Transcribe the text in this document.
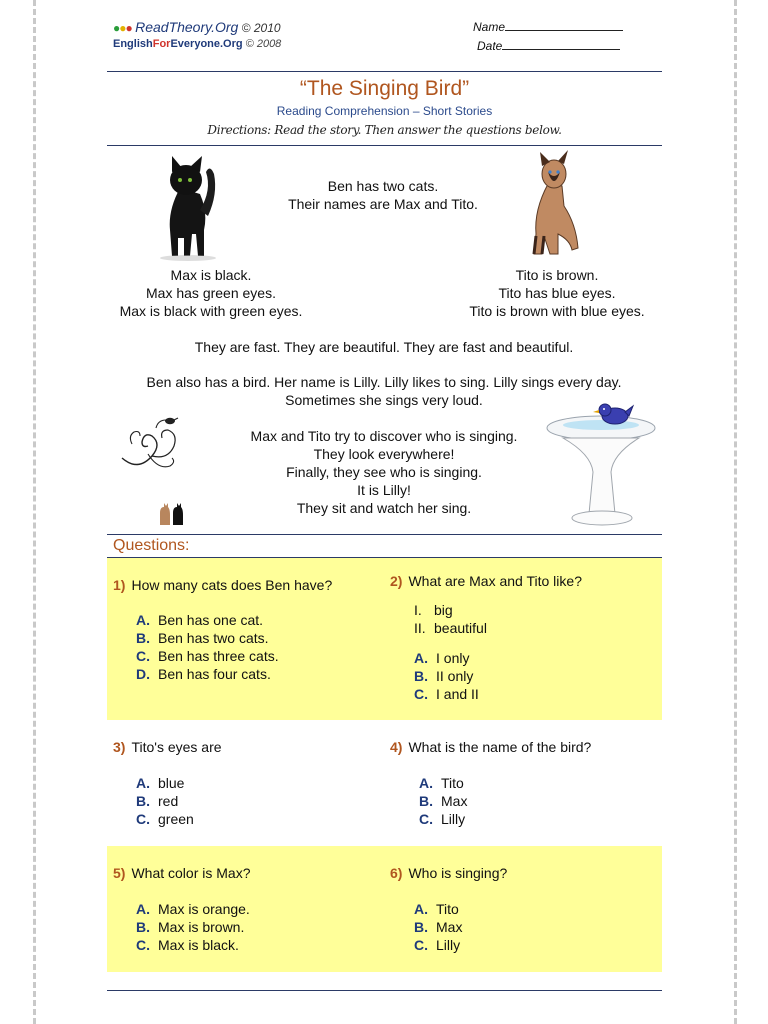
●●● ReadTheory.Org © 2010
EnglishForEveryone.Org © 2008
Name
Date
“The Singing Bird”
Reading Comprehension – Short Stories
Directions: Read the story. Then answer the questions below.
Ben has two cats.
Their names are Max and Tito.
Max is black.
Max has green eyes.
Max is black with green eyes.
Tito is brown.
Tito has blue eyes.
Tito is brown with blue eyes.
They are fast. They are beautiful. They are fast and beautiful.
Ben also has a bird. Her name is Lilly. Lilly likes to sing. Lilly sings every day.
Sometimes she sings very loud.
Max and Tito try to discover who is singing.
They look everywhere!
Finally, they see who is singing.
It is Lilly!
They sit and watch her sing.
Questions:
1) How many cats does Ben have?
A. Ben has one cat.
B. Ben has two cats.
C. Ben has three cats.
D. Ben has four cats.
2) What are Max and Tito like?
I. big
II. beautiful
A. I only
B. II only
C. I and II
3) Tito's eyes are
A. blue
B. red
C. green
4) What is the name of the bird?
A. Tito
B. Max
C. Lilly
5) What color is Max?
A. Max is orange.
B. Max is brown.
C. Max is black.
6) Who is singing?
A. Tito
B. Max
C. Lilly
